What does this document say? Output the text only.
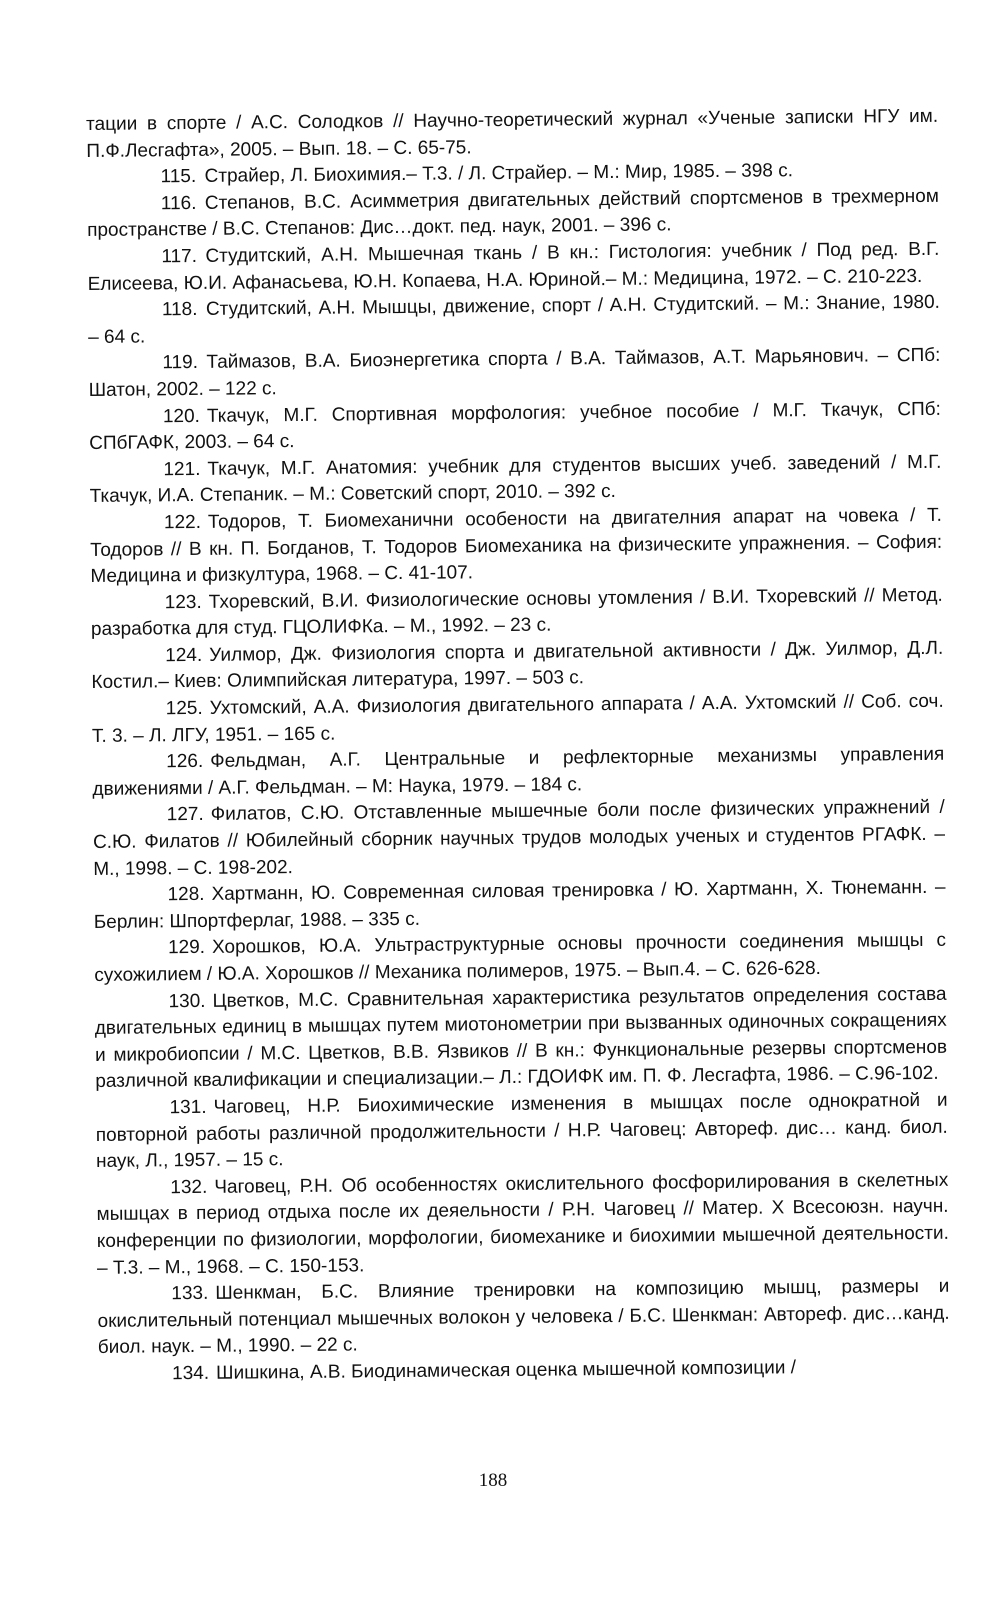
тации в спорте / А.С. Солодков // Научно-теоретический журнал «Ученые записки НГУ им. П.Ф.Лесгафта», 2005. – Вып. 18. – С. 65-75.

115. Страйер, Л. Биохимия.– Т.3. / Л. Страйер. – М.: Мир, 1985. – 398 с.

116. Степанов, В.С. Асимметрия двигательных действий спортсменов в трехмерном пространстве / В.С. Степанов: Дис…докт. пед. наук, 2001. – 396 с.

117. Студитский, А.Н. Мышечная ткань / В кн.: Гистология: учебник / Под ред. В.Г. Елисеева, Ю.И. Афанасьева, Ю.Н. Копаева, Н.А. Юриной.– М.: Медицина, 1972. – С. 210-223.

118. Студитский, А.Н. Мышцы, движение, спорт / А.Н. Студитский. – М.: Знание, 1980. – 64 с.

119. Таймазов, В.А. Биоэнергетика спорта / В.А. Таймазов, А.Т. Марьянович. – СПб: Шатон, 2002. – 122 с.

120. Ткачук, М.Г. Спортивная морфология: учебное пособие / М.Г. Ткачук, СПб: СПбГАФК, 2003. – 64 с.

121. Ткачук, М.Г. Анатомия: учебник для студентов высших учеб. заведений / М.Г. Ткачук, И.А. Степаник. – М.: Советский спорт, 2010. – 392 с.

122. Тодоров, Т. Биомеханични особености на двигателния апарат на човека / Т. Тодоров // В кн. П. Богданов, Т. Тодоров Биомеханика на физическите упражнения. – София: Медицина и физкултура, 1968. – С. 41-107.

123. Тхоревский, В.И. Физиологические основы утомления / В.И. Тхоревский // Метод. разработка для студ. ГЦОЛИФКа. – М., 1992. – 23 с.

124. Уилмор, Дж. Физиология спорта и двигательной активности / Дж. Уилмор, Д.Л. Костил.– Киев: Олимпийская литература, 1997. – 503 с.

125. Ухтомский, А.А. Физиология двигательного аппарата / А.А. Ухтомский // Соб. соч. Т. 3. – Л. ЛГУ, 1951. – 165 с.

126. Фельдман, А.Г. Центральные и рефлекторные механизмы управления движениями / А.Г. Фельдман. – М: Наука, 1979. – 184 с.

127. Филатов, С.Ю. Отставленные мышечные боли после физических упражнений / С.Ю. Филатов // Юбилейный сборник научных трудов молодых ученых и студентов РГАФК. – М., 1998. – С. 198-202.

128. Хартманн, Ю. Современная силовая тренировка / Ю. Хартманн, Х. Тюнеманн. – Берлин: Шпортферлаг, 1988. – 335 с.

129. Хорошков, Ю.А. Ультраструктурные основы прочности соединения мышцы с сухожилием / Ю.А. Хорошков // Механика полимеров, 1975. – Вып.4. – С. 626-628.

130. Цветков, М.С. Сравнительная характеристика результатов определения состава двигательных единиц в мышцах путем миотонометрии при вызванных одиночных сокращениях и микробиопсии / М.С. Цветков, В.В. Язвиков // В кн.: Функциональные резервы спортсменов различной квалификации и специализации.– Л.: ГДОИФК им. П. Ф. Лесгафта, 1986. – С.96-102.

131. Чаговец, Н.Р. Биохимические изменения в мышцах после однократной и повторной работы различной продолжительности / Н.Р. Чаговец: Автореф. дис… канд. биол. наук, Л., 1957. – 15 с.

132. Чаговец, Р.Н. Об особенностях окислительного фосфорилирования в скелетных мышцах в период отдыха после их деяельности / Р.Н. Чаговец // Матер. Х Всесоюзн. научн. конференции по физиологии, морфологии, биомеханике и биохимии мышечной деятельности. – Т.3. – М., 1968. – С. 150-153.

133. Шенкман, Б.С. Влияние тренировки на композицию мышц, размеры и окислительный потенциал мышечных волокон у человека / Б.С. Шенкман: Автореф. дис…канд. биол. наук. – М., 1990. – 22 с.

134. Шишкина, А.В. Биодинамическая оценка мышечной композиции /

188
